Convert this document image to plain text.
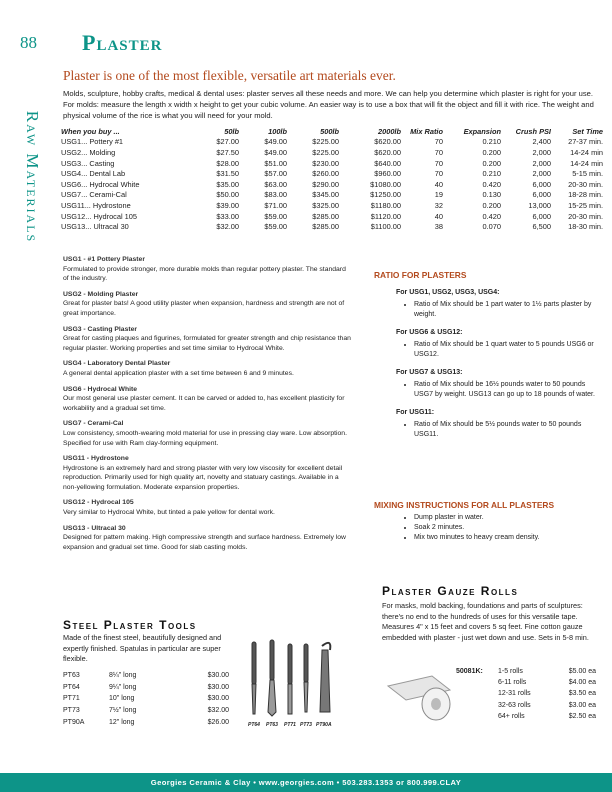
88 Plaster
Raw Materials
Plaster is one of the most flexible, versatile art materials ever.
Molds, sculpture, hobby crafts, medical & dental uses: plaster serves all these needs and more. We can help you determine which plaster is right for your use. For molds: measure the length x width x height to get your cubic volume. An easier way is to use a box that will fit the object and fill it with rice. The weight and physical volume of the rice is what you will need for your mold.
When you buy ...	50lb	100lb	500lb	2000lb	Mix Ratio	Expansion	Crush PSI	Set Time
USG1... Pottery #1	$27.00	$49.00	$225.00	$620.00	70	0.210	2,400	27-37 min.
USG2... Molding	$27.50	$49.00	$225.00	$620.00	70	0.200	2,000	14-24 min
USG3... Casting	$28.00	$51.00	$230.00	$640.00	70	0.200	2,000	14-24 min
USG4... Dental Lab	$31.50	$57.00	$260.00	$960.00	70	0.210	2,000	5-15 min.
USG6... Hydrocal White	$35.00	$63.00	$290.00	$1080.00	40	0.420	6,000	20-30 min.
USG7... Cerami-Cal	$50.00	$83.00	$345.00	$1250.00	19	0.130	6,000	18-28 min.
USG11... Hydrostone	$39.00	$71.00	$325.00	$1180.00	32	0.200	13,000	15-25 min.
USG12... Hydrocal 105	$33.00	$59.00	$285.00	$1120.00	40	0.420	6,000	20-30 min.
USG13... Ultracal 30	$32.00	$59.00	$285.00	$1100.00	38	0.070	6,500	18-30 min.
USG1 - #1 Pottery Plaster
Formulated to provide stronger, more durable molds than regular pottery plaster. The standard of the industry.
USG2 - Molding Plaster
Great for plaster bats! A good utility plaster when expansion, hardness and strength are not of great importance.
USG3 - Casting Plaster
Great for casting plaques and figurines, formulated for greater strength and chip resistance than regular plaster. Working properties and set time similar to Hydrocal White.
USG4 - Laboratory Dental Plaster
A general dental application plaster with a set time between 6 and 9 minutes.
USG6 - Hydrocal White
Our most general use plaster cement. It can be carved or added to, has excellent plasticity for workability and a gradual set time.
USG7 - Cerami-Cal
Low consistency, smooth-wearing mold material for use in pressing clay ware. Low absorption. Specified for use with Ram clay-forming equipment.
USG11 - Hydrostone
Hydrostone is an extremely hard and strong plaster with very low viscosity for excellent detail reproduction. Primarily used for high quality art, novelty and statuary castings. Available in a non-yellowing formulation. Moderate expansion properties.
USG12 - Hydrocal 105
Very similar to Hydrocal White, but tinted a pale yellow for dental work.
USG13 - Ultracal 30
Designed for pattern making. High compressive strength and surface hardness. Extremely low expansion and gradual set time. Good for slab casting molds.
RATIO FOR PLASTERS
For USG1, USG2, USG3, USG4:
• Ratio of Mix should be 1 part water to 1½ parts plaster by weight.
For USG6 & USG12:
• Ratio of Mix should be 1 quart water to 5 pounds USG6 or USG12.
For USG7 & USG13:
• Ratio of Mix should be 16½ pounds water to 50 pounds USG7 by weight. USG13 can go up to 18 pounds of water.
For USG11:
• Ratio of Mix should be 5½ pounds water to 50 pounds USG11.
MIXING INSTRUCTIONS FOR ALL PLASTERS
• Dump plaster in water.
• Soak 2 minutes.
• Mix two minutes to heavy cream density.
Steel Plaster Tools
Made of the finest steel, beautifully designed and expertly finished. Spatulas in particular are super flexible.
PT63	8¼" long	$30.00
PT64	9¼" long	$30.00
PT71	10" long	$30.00
PT73	7½" long	$32.00
PT90A	12" long	$26.00	PT64 PT63 PT71 PT73 PT90A
Plaster Gauze Rolls
For masks, mold backing, foundations and parts of sculptures: there's no end to the hundreds of uses for this versatile tape. Measures 4" x 15 feet and covers 5 sq feet. Fine cotton gauze embedded with plaster - just wet down and use. Sets in 5-8 min.
50081K: 1-5 rolls	$5.00 ea
6-11 rolls	$4.00 ea
12-31 rolls	$3.50 ea
32-63 rolls	$3.00 ea
64+ rolls	$2.50 ea
Georgies Ceramic & Clay • www.georgies.com • 503.283.1353 or 800.999.CLAY
